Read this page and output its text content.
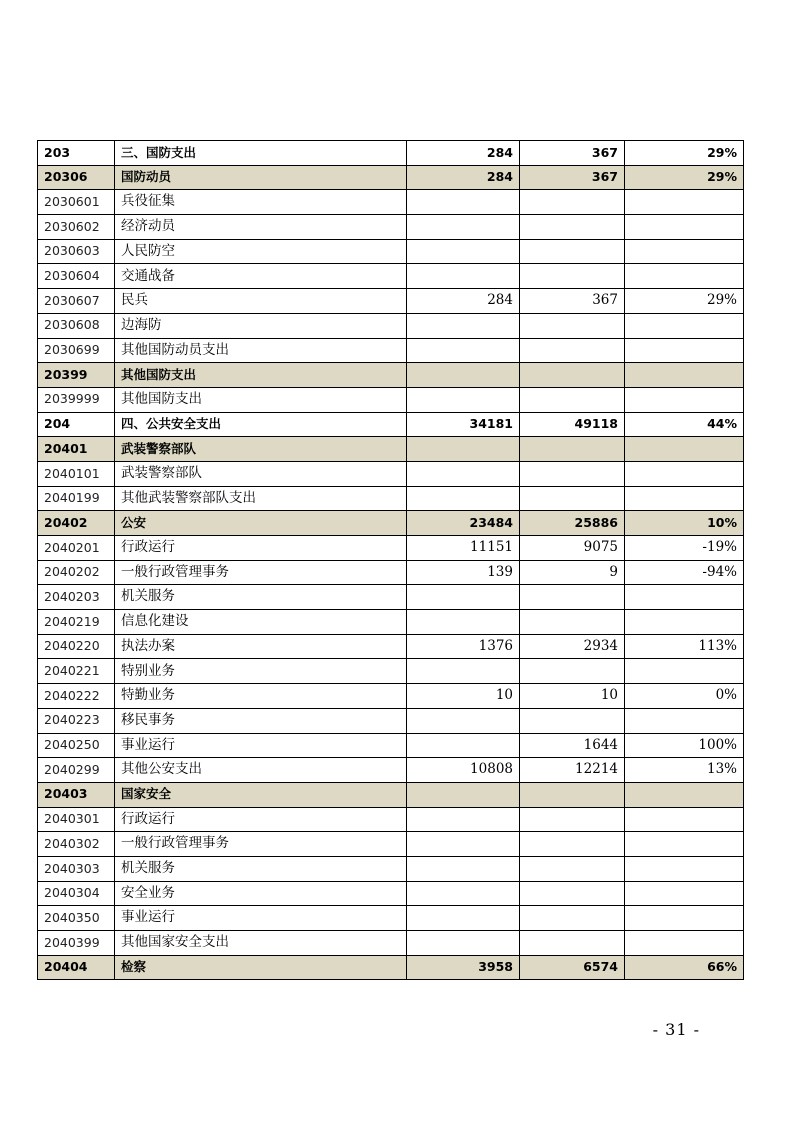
203	三、国防支出	284	367	29%
20306	国防动员	284	367	29%
2030601	兵役征集			
2030602	经济动员			
2030603	人民防空			
2030604	交通战备			
2030607	民兵	284	367	29%
2030608	边海防			
2030699	其他国防动员支出			
20399	其他国防支出			
2039999	其他国防支出			
204	四、公共安全支出	34181	49118	44%
20401	武装警察部队			
2040101	武装警察部队			
2040199	其他武装警察部队支出			
20402	公安	23484	25886	10%
2040201	行政运行	11151	9075	-19%
2040202	一般行政管理事务	139	9	-94%
2040203	机关服务			
2040219	信息化建设			
2040220	执法办案	1376	2934	113%
2040221	特别业务			
2040222	特勤业务	10	10	0%
2040223	移民事务			
2040250	事业运行		1644	100%
2040299	其他公安支出	10808	12214	13%
20403	国家安全			
2040301	行政运行			
2040302	一般行政管理事务			
2040303	机关服务			
2040304	安全业务			
2040350	事业运行			
2040399	其他国家安全支出			
20404	检察	3958	6574	66%
- 31 -
